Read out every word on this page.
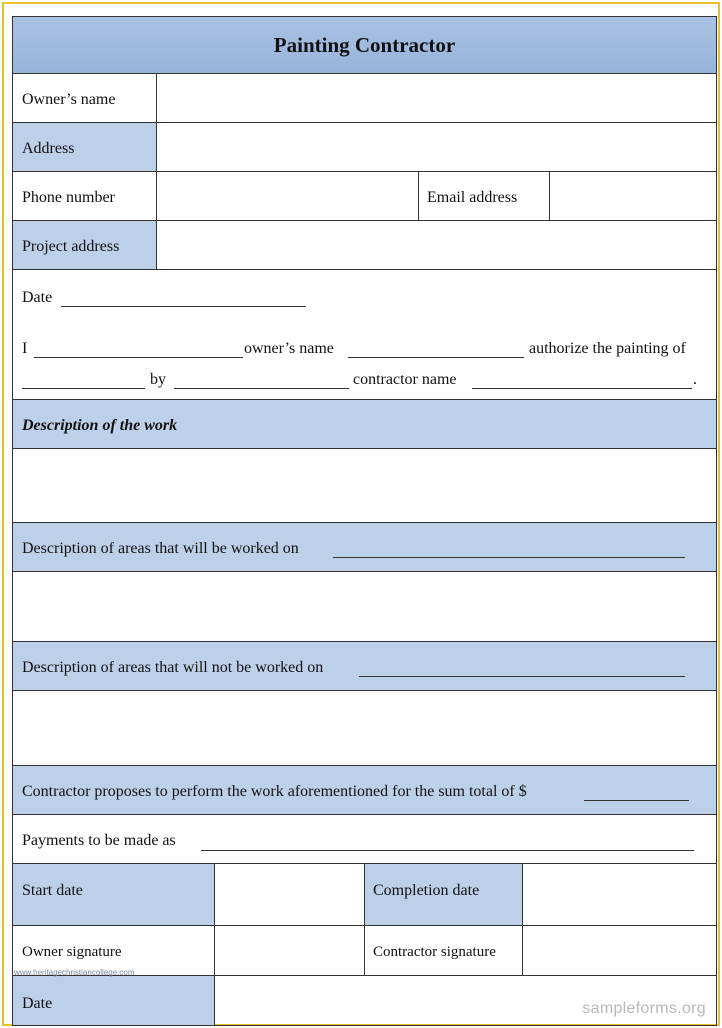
Painting Contractor
Owner’s name
Address
Phone number	Email address
Project address
Date
I	owner’s name	authorize the painting of
by	contractor name	.
Description of the work
Description of areas that will be worked on
Description of areas that will not be worked on
Contractor proposes to perform the work aforementioned for the sum total of $
Payments to be made as
Start date	Completion date
Owner signature	Contractor signature
Date
www.heritagechristiancollege.com
sampleforms.org
